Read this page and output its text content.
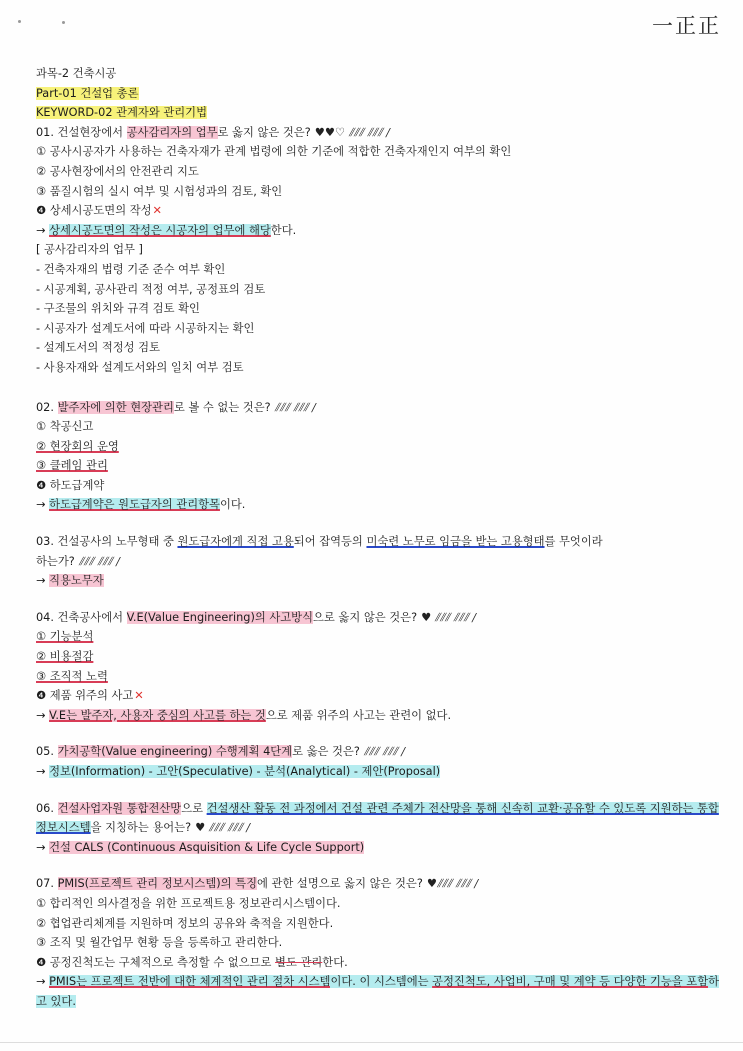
一正正
과목-2 건축시공
Part-01 건설업 총론
KEYWORD-02 관계자와 관리기법
01. 건설현장에서 공사감리자의 업무로 옳지 않은 것은? ♥♥♡ ⫽⫽⫽ ⫽⫽⫽ /
① 공사시공자가 사용하는 건축자재가 관계 법령에 의한 기준에 적합한 건축자재인지 여부의 확인
② 공사현장에서의 안전관리 지도
③ 품질시험의 실시 여부 및 시험성과의 검토, 확인
❹ 상세시공도면의 작성✕
→ 상세시공도면의 작성은 시공자의 업무에 해당한다.
[ 공사감리자의 업무 ]
- 건축자재의 법령 기준 준수 여부 확인
- 시공계획, 공사관리 적정 여부, 공정표의 검토
- 구조물의 위치와 규격 검토 확인
- 시공자가 설계도서에 따라 시공하지는 확인
- 설계도서의 적정성 검토
- 사용자재와 설계도서와의 일치 여부 검토
02. 발주자에 의한 현장관리로 볼 수 없는 것은? ⫽⫽⫽ ⫽⫽⫽ /
① 착공신고
② 현장회의 운영
③ 클레임 관리
❹ 하도급계약
→ 하도급계약은 원도급자의 관리항목이다.
03. 건설공사의 노무형태 중 원도급자에게 직접 고용되어 잡역등의 미숙련 노무로 임금을 받는 고용형태를 무엇이라
하는가? ⫽⫽⫽ ⫽⫽⫽ /
→ 직용노무자
04. 건축공사에서 V.E(Value Engineering)의 사고방식으로 옳지 않은 것은? ♥ ⫽⫽⫽ ⫽⫽⫽ /
① 기능분석
② 비용절감
③ 조직적 노력
❹ 제품 위주의 사고✕
→ V.E는 발주자, 사용자 중심의 사고를 하는 것으로 제품 위주의 사고는 관련이 없다.
05. 가치공학(Value engineering) 수행계획 4단계로 옳은 것은? ⫽⫽⫽ ⫽⫽⫽ /
→ 정보(Information) - 고안(Speculative) - 분석(Analytical) - 제안(Proposal)
06. 건설사업자원 통합전산망으로 건설생산 활동 전 과정에서 건설 관련 주체가 전산망을 통해 신속히 교환·공유할 수 있도록 지원하는 통합 정보시스템을 지칭하는 용어는? ♥ ⫽⫽⫽ ⫽⫽⫽ /
→ 건설 CALS (Continuous Asquisition & Life Cycle Support)
07. PMIS(프로젝트 관리 정보시스템)의 특징에 관한 설명으로 옳지 않은 것은? ♥⫽⫽⫽ ⫽⫽⫽ /
① 합리적인 의사결정을 위한 프로젝트용 정보관리시스템이다.
② 협업관리체계를 지원하며 정보의 공유와 축적을 지원한다.
③ 조직 및 월간업무 현황 등을 등록하고 관리한다.
❹ 공정진척도는 구체적으로 측정할 수 없으므로 별도 관리한다.
→ PMIS는 프로젝트 전반에 대한 체계적인 관리 절차 시스템이다. 이 시스템에는 공정진척도, 사업비, 구매 및 계약 등 다양한 기능을 포함하고 있다.
